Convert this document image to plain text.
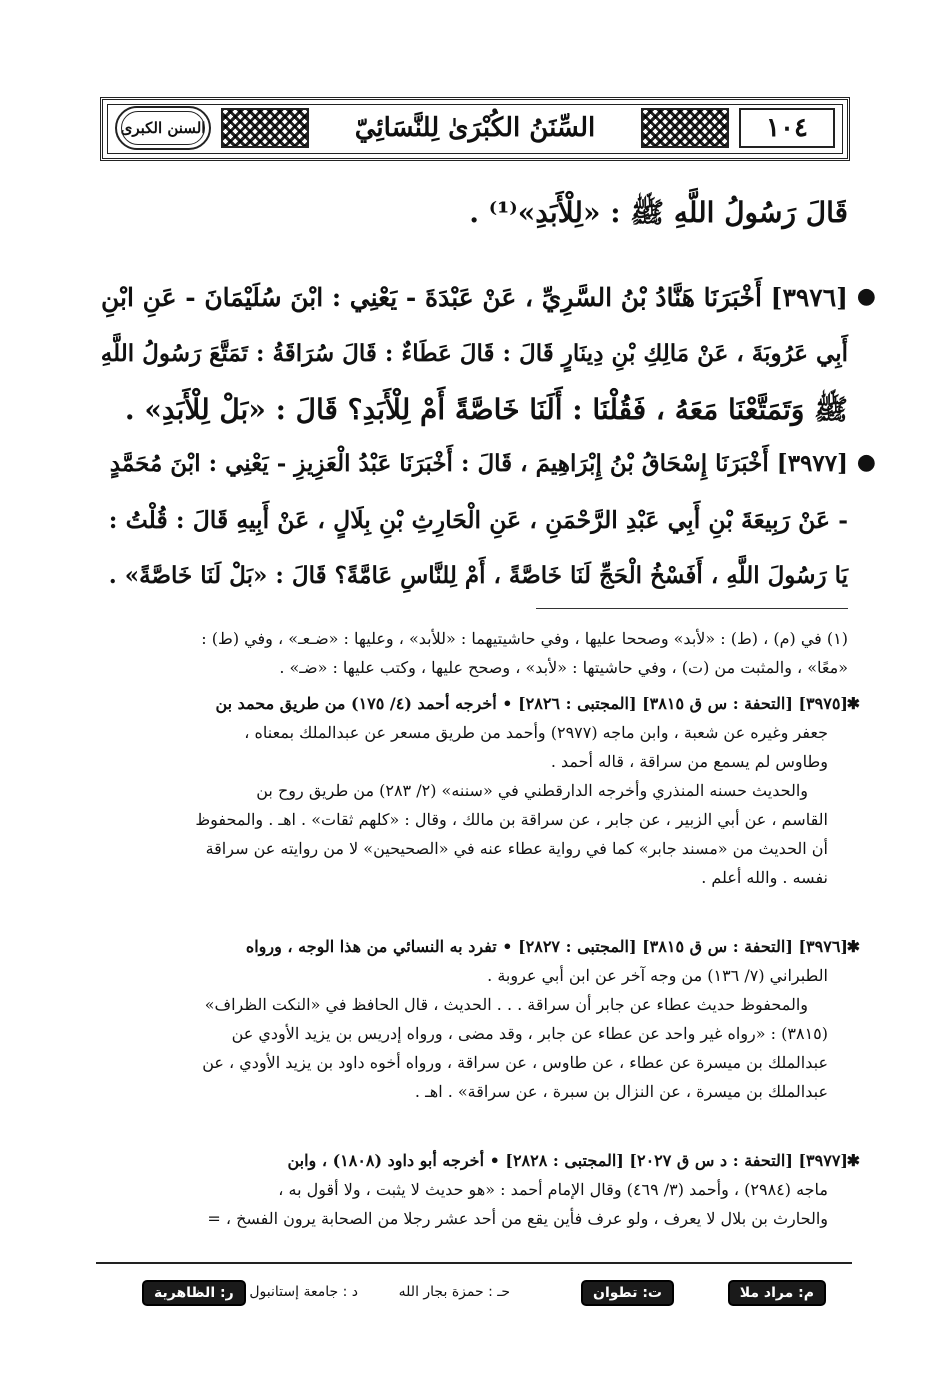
١٠٤
السِّنَنُ الكُبْرَىٰ لِلنَّسَائِيّ
السنن الكبرى
قَالَ رَسُولُ اللَّهِ ﷺ : «لِلْأَبَدِ»⁽¹⁾ .
●
[٣٩٧٦] أَخْبَرَنَا هَنَّادُ بْنُ السَّرِيِّ ، عَنْ عَبْدَةَ - يَعْنِي : ابْنَ سُلَيْمَانَ - عَنِ ابْنِ
أَبِي عَرُوبَةَ ، عَنْ مَالِكِ بْنِ دِينَارٍ قَالَ : قَالَ عَطَاءٌ : قَالَ سُرَاقَةُ : تَمَتَّعَ رَسُولُ اللَّهِ
ﷺ وَتَمَتَّعْنَا مَعَهُ ، فَقُلْنَا : أَلَنَا خَاصَّةً أَمْ لِلْأَبَدِ؟ قَالَ : «بَلْ لِلْأَبَدِ» .
●
[٣٩٧٧] أَخْبَرَنَا إِسْحَاقُ بْنُ إِبْرَاهِيمَ ، قَالَ : أَخْبَرَنَا عَبْدُ الْعَزِيزِ - يَعْنِي : ابْنَ مُحَمَّدٍ
- عَنْ رَبِيعَةَ بْنِ أَبِي عَبْدِ الرَّحْمَنِ ، عَنِ الْحَارِثِ بْنِ بِلَالٍ ، عَنْ أَبِيهِ قَالَ : قُلْتُ :
يَا رَسُولَ اللَّهِ ، أَفَسْخُ الْحَجِّ لَنَا خَاصَّةً ، أَمْ لِلنَّاسِ عَامَّةً؟ قَالَ : «بَلْ لَنَا خَاصَّةً» .
(١) في (م) ، (ط) : «لأبد» وصححا عليها ، وفي حاشيتيهما : «للأبد» ، وعليها : «ضـعـ» ، وفي (ط) :
«معًا» ، والمثبت من (ت) ، وفي حاشيتها : «لأبد» ، وصحح عليها ، وكتب عليها : «ضـ» .
✱
[٣٩٧٥] [التحفة : س ق ٣٨١٥] [المجتبى : ٢٨٢٦] • أخرجه أحمد (٤/ ١٧٥) من طريق محمد بن
جعفر وغيره عن شعبة ، وابن ماجه (٢٩٧٧) وأحمد من طريق مسعر عن عبدالملك بمعناه ،
وطاوس لم يسمع من سراقة ، قاله أحمد .
والحديث حسنه المنذري وأخرجه الدارقطني في «سننه» (٢/ ٢٨٣) من طريق روح بن
القاسم ، عن أبي الزبير ، عن جابر ، عن سراقة بن مالك ، وقال : «كلهم ثقات» . اهـ . والمحفوظ
أن الحديث من «مسند جابر» كما في رواية عطاء عنه في «الصحيحين» لا من روايته عن سراقة
نفسه . والله أعلم .
✱
[٣٩٧٦] [التحفة : س ق ٣٨١٥] [المجتبى : ٢٨٢٧] • تفرد به النسائي من هذا الوجه ، ورواه
الطبراني (٧/ ١٣٦) من وجه آخر عن ابن أبي عروبة .
والمحفوظ حديث عطاء عن جابر أن سراقة . . . الحديث ، قال الحافظ في «النكت الظراف»
(٣٨١٥) : «رواه غير واحد عن عطاء عن جابر ، وقد مضى ، ورواه إدريس بن يزيد الأودي عن
عبدالملك بن ميسرة عن عطاء ، عن طاوس ، عن سراقة ، ورواه أخوه داود بن يزيد الأودي ، عن
عبدالملك بن ميسرة ، عن النزال بن سبرة ، عن سراقة» . اهـ .
✱
[٣٩٧٧] [التحفة : د س ق ٢٠٢٧] [المجتبى : ٢٨٢٨] • أخرجه أبو داود (١٨٠٨) ، وابن
ماجه (٢٩٨٤) ، وأحمد (٣/ ٤٦٩) وقال الإمام أحمد : «هو حديث لا يثبت ، ولا أقول به ،
والحارث بن بلال لا يعرف ، ولو عرف فأين يقع من أحد عشر رجلا من الصحابة يرون الفسخ ، =
م: مراد ملا
ت: تطوان
حـ : حمزة بجار الله
د : جامعة إستانبول
ر: الظاهرية
